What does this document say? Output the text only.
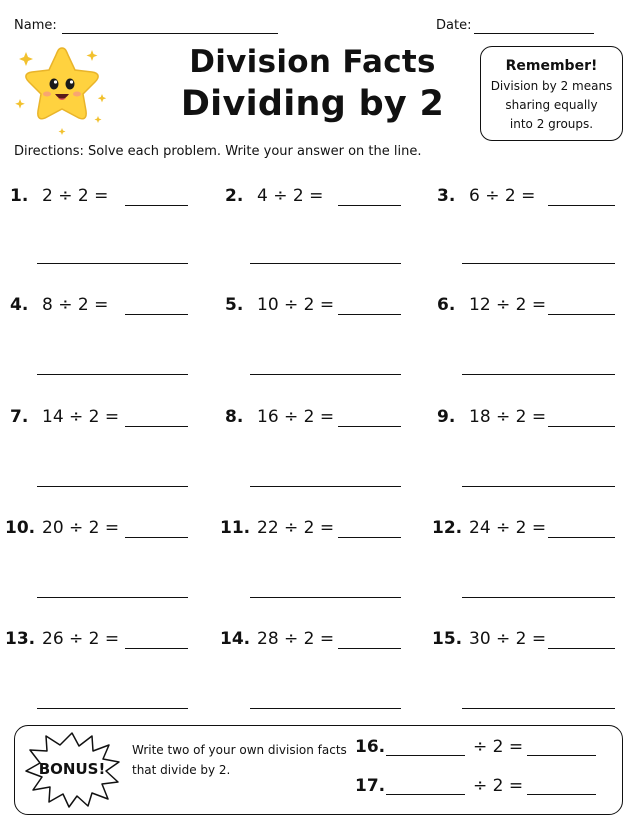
Name:	Date:
Division Facts
Dividing by 2
Remember!
Division by 2 means
sharing equally
into 2 groups.
Directions: Solve each problem. Write your answer on the line.
1. 2 ÷ 2 =	2. 4 ÷ 2 =	3. 6 ÷ 2 =
4. 8 ÷ 2 =	5. 10 ÷ 2 =	6. 12 ÷ 2 =
7. 14 ÷ 2 =	8. 16 ÷ 2 =	9. 18 ÷ 2 =
10. 20 ÷ 2 =	11. 22 ÷ 2 =	12. 24 ÷ 2 =
13. 26 ÷ 2 =	14. 28 ÷ 2 =	15. 30 ÷ 2 =
BONUS!
Write two of your own division facts that divide by 2.
16.	÷ 2 =
17.	÷ 2 =
